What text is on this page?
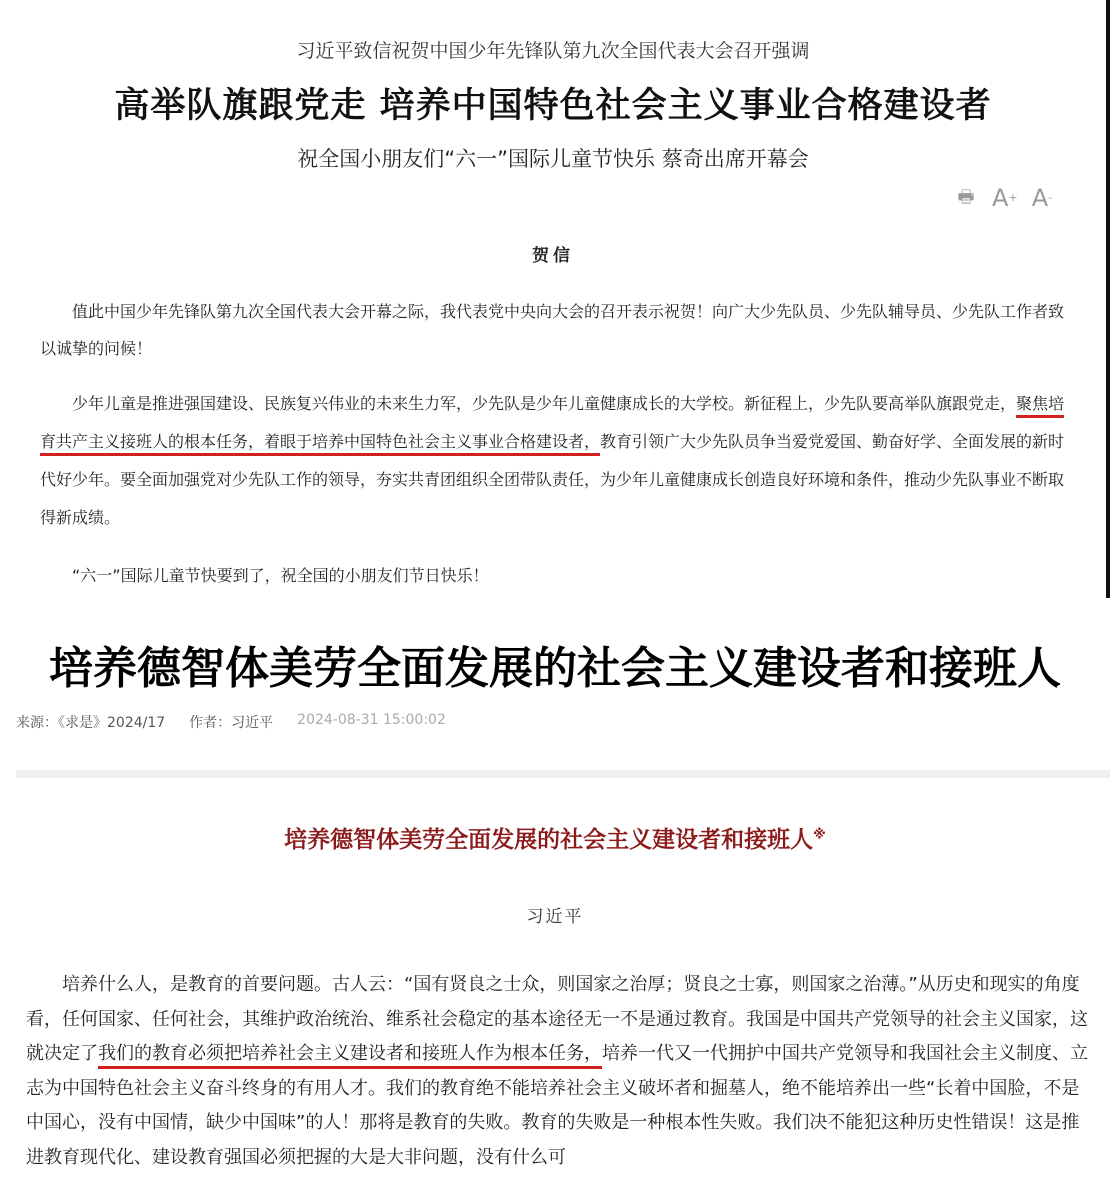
习近平致信祝贺中国少年先锋队第九次全国代表大会召开强调
高举队旗跟党走 培养中国特色社会主义事业合格建设者
祝全国小朋友们“六一”国际儿童节快乐 蔡奇出席开幕会
🖶 A+ A-
贺信

值此中国少年先锋队第九次全国代表大会开幕之际，我代表党中央向大会的召开表示祝贺！向广大少先队员、少先队辅导员、少先队工作者致以诚挚的问候！

少年儿童是推进强国建设、民族复兴伟业的未来生力军，少先队是少年儿童健康成长的大学校。新征程上，少先队要高举队旗跟党走，聚焦培育共产主义接班人的根本任务，着眼于培养中国特色社会主义事业合格建设者，教育引领广大少先队员争当爱党爱国、勤奋好学、全面发展的新时代好少年。要全面加强党对少先队工作的领导，夯实共青团组织全团带队责任，为少年儿童健康成长创造良好环境和条件，推动少先队事业不断取得新成绩。

“六一”国际儿童节快要到了，祝全国的小朋友们节日快乐！

培养德智体美劳全面发展的社会主义建设者和接班人
来源：《求是》2024/17 作者：习近平 2024-08-31 15:00:02
培养德智体美劳全面发展的社会主义建设者和接班人※
习近平

培养什么人，是教育的首要问题。古人云：“国有贤良之士众，则国家之治厚；贤良之士寡，则国家之治薄。”从历史和现实的角度看，任何国家、任何社会，其维护政治统治、维系社会稳定的基本途径无一不是通过教育。我国是中国共产党领导的社会主义国家，这就决定了我们的教育必须把培养社会主义建设者和接班人作为根本任务，培养一代又一代拥护中国共产党领导和我国社会主义制度、立志为中国特色社会主义奋斗终身的有用人才。我们的教育绝不能培养社会主义破坏者和掘墓人，绝不能培养出一些“长着中国脸，不是中国心，没有中国情，缺少中国味”的人！那将是教育的失败。教育的失败是一种根本性失败。我们决不能犯这种历史性错误！这是推进教育现代化、建设教育强国必须把握的大是大非问题，没有什么可
